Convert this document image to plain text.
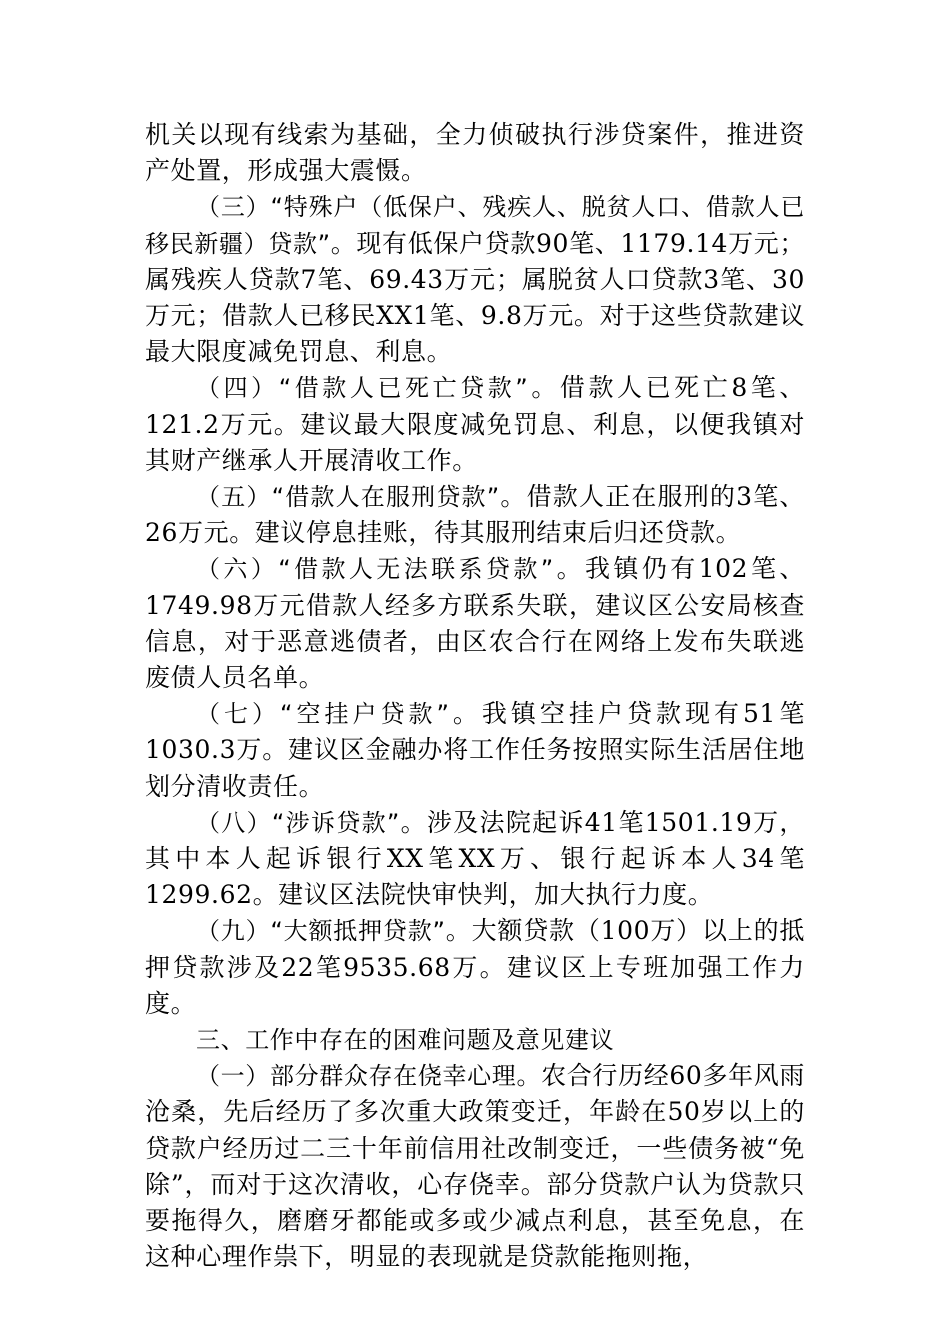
机关以现有线索为基础，全力侦破执行涉贷案件，推进资产处置，形成强大震慑。

（三）“特殊户（低保户、残疾人、脱贫人口、借款人已移民新疆）贷款”。现有低保户贷款90笔、1179.14万元；属残疾人贷款7笔、69.43万元；属脱贫人口贷款3笔、30万元；借款人已移民XX1笔、9.8万元。对于这些贷款建议最大限度减免罚息、利息。

（四）“借款人已死亡贷款”。借款人已死亡8笔、121.2万元。建议最大限度减免罚息、利息，以便我镇对其财产继承人开展清收工作。

（五）“借款人在服刑贷款”。借款人正在服刑的3笔、26万元。建议停息挂账，待其服刑结束后归还贷款。

（六）“借款人无法联系贷款”。我镇仍有102笔、1749.98万元借款人经多方联系失联，建议区公安局核查信息，对于恶意逃债者，由区农合行在网络上发布失联逃废债人员名单。

（七）“空挂户贷款”。我镇空挂户贷款现有51笔1030.3万。建议区金融办将工作任务按照实际生活居住地划分清收责任。

（八）“涉诉贷款”。涉及法院起诉41笔1501.19万，其中本人起诉银行XX笔XX万、银行起诉本人34笔1299.62。建议区法院快审快判，加大执行力度。

（九）“大额抵押贷款”。大额贷款（100万）以上的抵押贷款涉及22笔9535.68万。建议区上专班加强工作力度。

三、工作中存在的困难问题及意见建议

（一）部分群众存在侥幸心理。农合行历经60多年风雨沧桑，先后经历了多次重大政策变迁，年龄在50岁以上的贷款户经历过二三十年前信用社改制变迁，一些债务被“免除”，而对于这次清收，心存侥幸。部分贷款户认为贷款只要拖得久，磨磨牙都能或多或少减点利息，甚至免息，在这种心理作祟下，明显的表现就是贷款能拖则拖，
